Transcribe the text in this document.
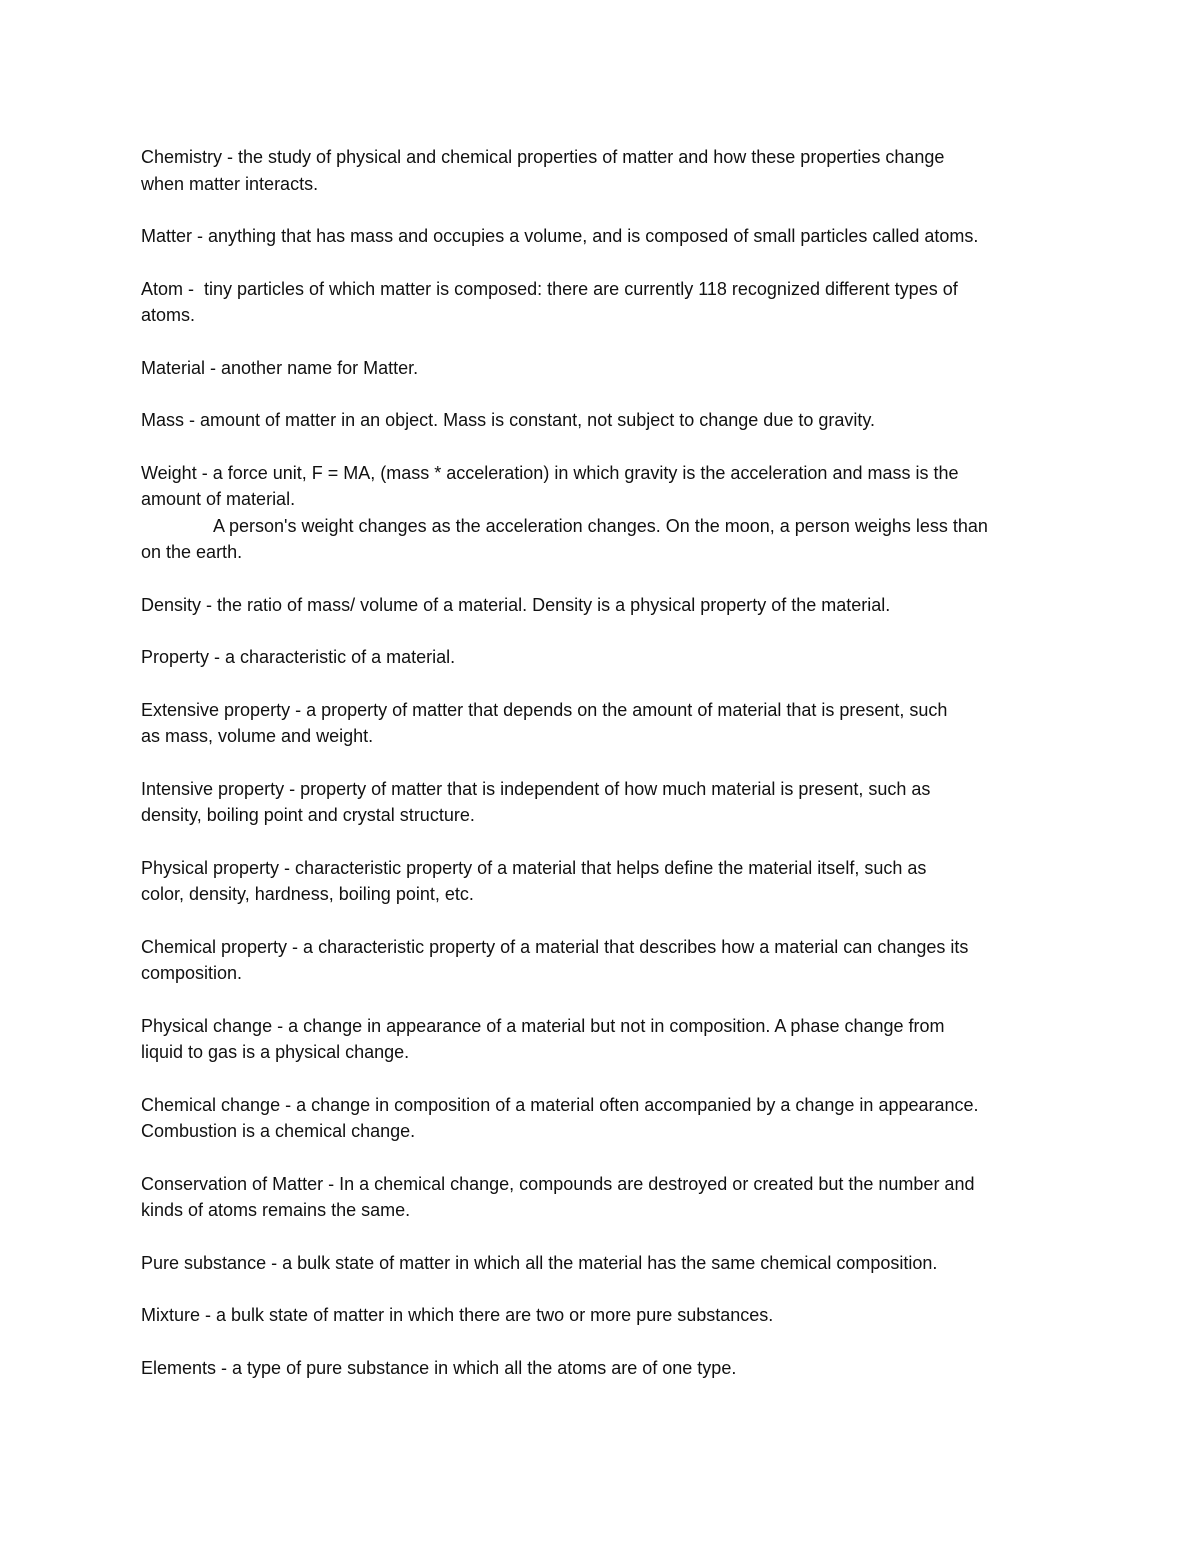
Chemistry - the study of physical and chemical properties of matter and how these properties change
when matter interacts.

Matter - anything that has mass and occupies a volume, and is composed of small particles called atoms.

Atom -  tiny particles of which matter is composed: there are currently 118 recognized different types of
atoms.

Material - another name for Matter.

Mass - amount of matter in an object. Mass is constant, not subject to change due to gravity.

Weight - a force unit, F = MA, (mass * acceleration) in which gravity is the acceleration and mass is the
amount of material.
A person's weight changes as the acceleration changes. On the moon, a person weighs less than
on the earth.

Density - the ratio of mass/ volume of a material. Density is a physical property of the material.

Property - a characteristic of a material.

Extensive property - a property of matter that depends on the amount of material that is present, such
as mass, volume and weight.

Intensive property - property of matter that is independent of how much material is present, such as
density, boiling point and crystal structure.

Physical property - characteristic property of a material that helps define the material itself, such as
color, density, hardness, boiling point, etc.

Chemical property - a characteristic property of a material that describes how a material can changes its
composition.

Physical change - a change in appearance of a material but not in composition. A phase change from
liquid to gas is a physical change.

Chemical change - a change in composition of a material often accompanied by a change in appearance.
Combustion is a chemical change.

Conservation of Matter - In a chemical change, compounds are destroyed or created but the number and
kinds of atoms remains the same.

Pure substance - a bulk state of matter in which all the material has the same chemical composition.

Mixture - a bulk state of matter in which there are two or more pure substances.

Elements - a type of pure substance in which all the atoms are of one type.
